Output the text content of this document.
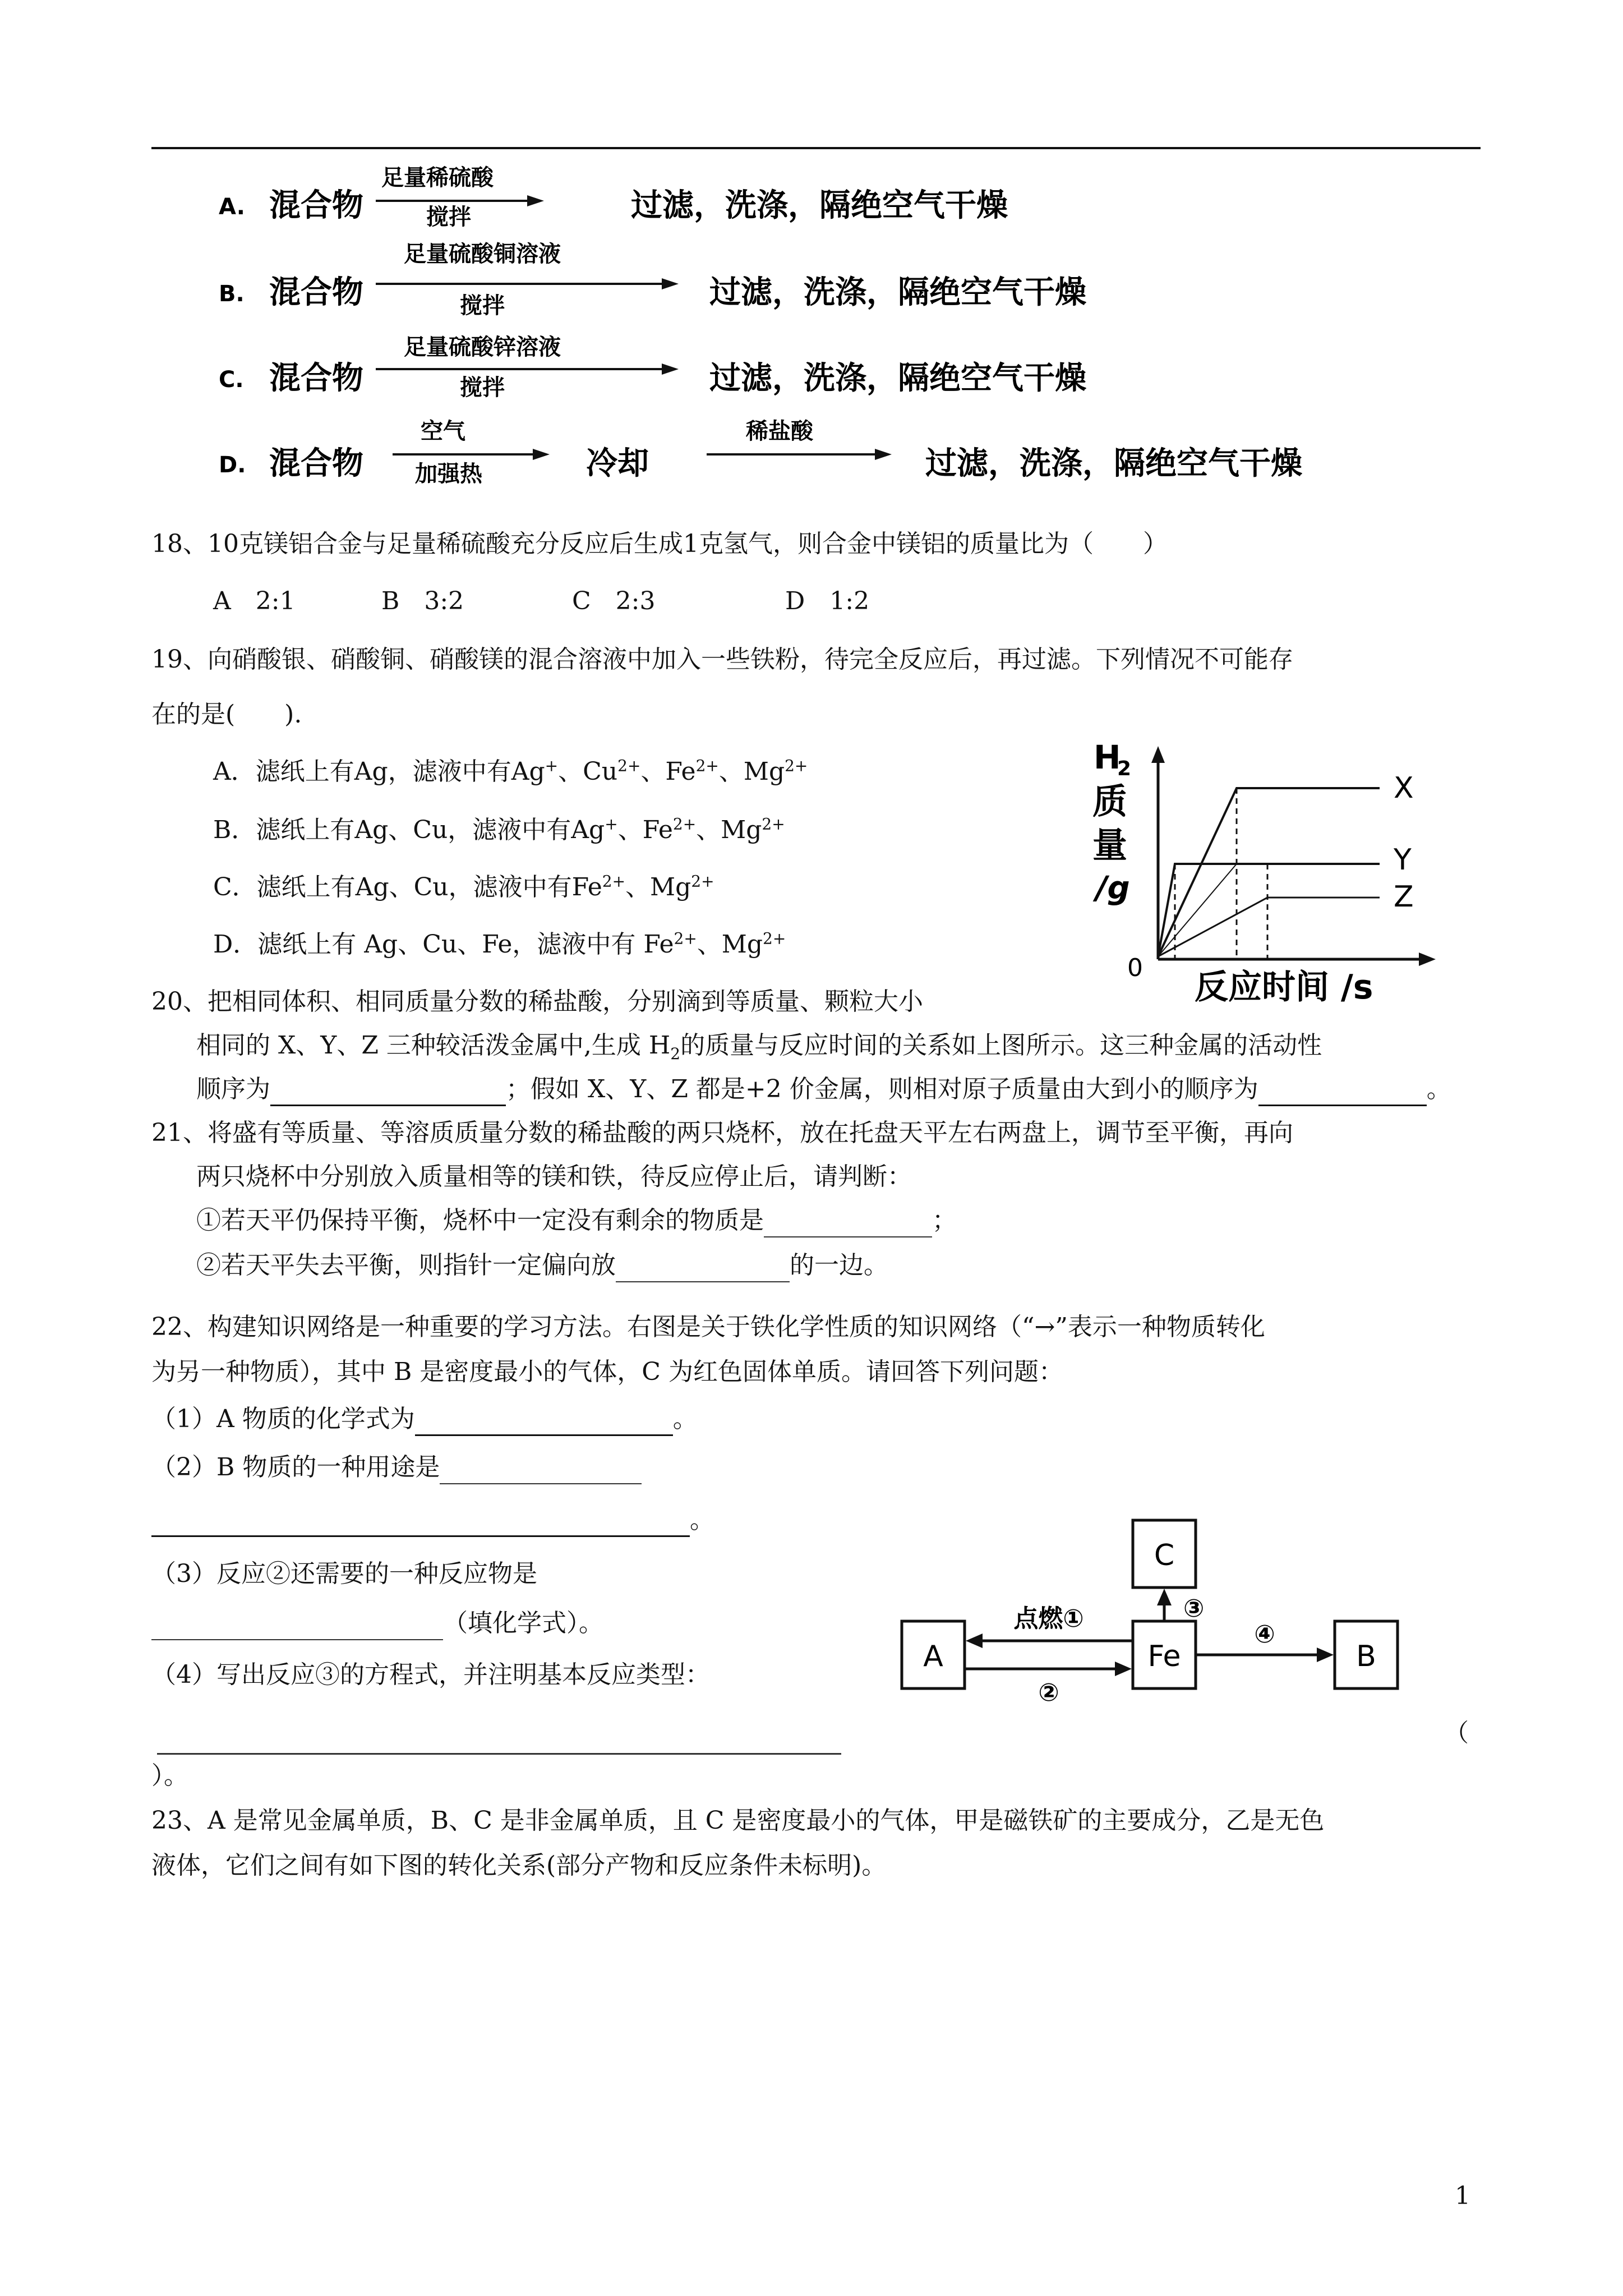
A. 混合物
足量稀硫酸
搅拌	过滤，洗涤，隔绝空气干燥
B. 混合物
足量硫酸铜溶液
搅拌	过滤，洗涤，隔绝空气干燥
C. 混合物
足量硫酸锌溶液
搅拌	过滤，洗涤，隔绝空气干燥
D. 混合物
空气
加强热	冷却
稀盐酸
过滤，洗涤，隔绝空气干燥
18、10克镁铝合金与足量稀硫酸充分反应后生成1克氢气，则合金中镁铝的质量比为（　　）
A　2:1	B　3:2	C　2:3	D　1:2
19、向硝酸银、硝酸铜、硝酸镁的混合溶液中加入一些铁粉，待完全反应后，再过滤。下列情况不可能存
在的是(　　).
A．滤纸上有Ag，滤液中有Ag+、$Cu^{2+}$、$Fe^{2+}$、$Mg^{2+}$
B．滤纸上有Ag、Cu，滤液中有Ag+、$Fe^{2+}$、$Mg^{2+}$
C．滤纸上有Ag、Cu，滤液中有$Fe^{2+}$、$Mg^{2+}$
D．滤纸上有 Ag、Cu、Fe，滤液中有 $Fe^{2+}$、$Mg^{2+}$
H
2
质
量
/g
0 反应时间 /s
X
Y
Z
20、把相同体积、相同质量分数的稀盐酸，分别滴到等质量、颗粒大小
相同的 X、Y、Z 三种较活泼金属中,生成 $H_2$的质量与反应时间的关系如上图所示。这三种金属的活动性
顺序为	；假如 X、Y、Z 都是+2 价金属，则相对原子质量由大到小的顺序为	。
21、将盛有等质量、等溶质质量分数的稀盐酸的两只烧杯，放在托盘天平左右两盘上，调节至平衡，再向
两只烧杯中分别放入质量相等的镁和铁，待反应停止后，请判断：
①若天平仍保持平衡，烧杯中一定没有剩余的物质是	；
②若天平失去平衡，则指针一定偏向放	的一边。
22、构建知识网络是一种重要的学习方法。右图是关于铁化学性质的知识网络（“→”表示一种物质转化
为另一种物质），其中 B 是密度最小的气体，C 为红色固体单质。请回答下列问题：
（1）A 物质的化学式为	。
（2）B 物质的一种用途是
。
（3）反应②还需要的一种反应物是
（填化学式）。
（4）写出反应③的方程式，并注明基本反应类型：
（
）。
C
A	Fe	B
点燃①
②
③
④
23、A 是常见金属单质，B、C 是非金属单质，且 C 是密度最小的气体，甲是磁铁矿的主要成分，乙是无色
液体，它们之间有如下图的转化关系(部分产物和反应条件未标明)。
1
